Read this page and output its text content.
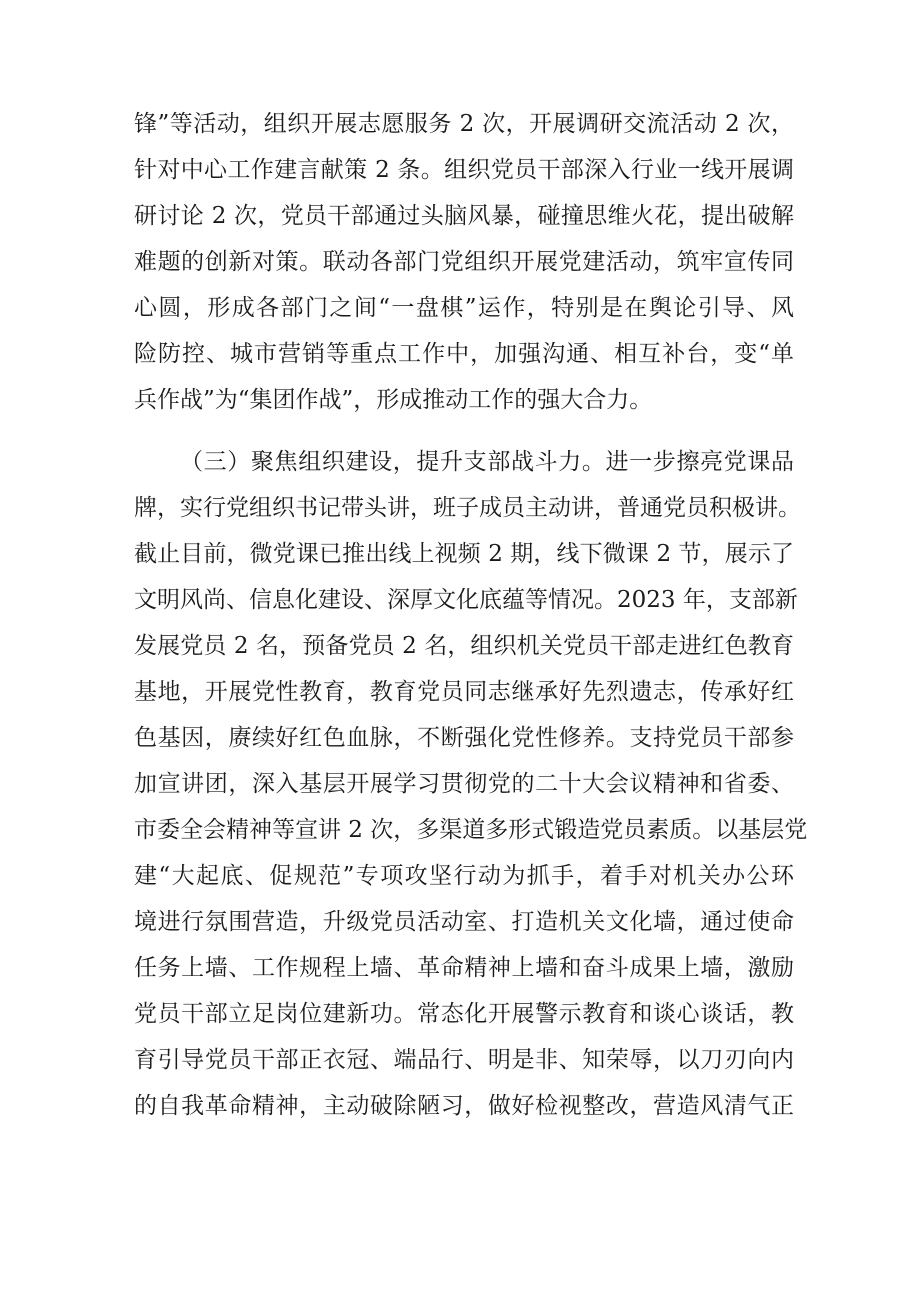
锋”等活动，组织开展志愿服务 2 次，开展调研交流活动 2 次，
针对中心工作建言献策 2 条。组织党员干部深入行业一线开展调
研讨论 2 次，党员干部通过头脑风暴，碰撞思维火花，提出破解
难题的创新对策。联动各部门党组织开展党建活动，筑牢宣传同
心圆，形成各部门之间“一盘棋”运作，特别是在舆论引导、风
险防控、城市营销等重点工作中，加强沟通、相互补台，变“单
兵作战”为“集团作战”，形成推动工作的强大合力。
（三）聚焦组织建设，提升支部战斗力。进一步擦亮党课品
牌，实行党组织书记带头讲，班子成员主动讲，普通党员积极讲。
截止目前，微党课已推出线上视频 2 期，线下微课 2 节，展示了
文明风尚、信息化建设、深厚文化底蕴等情况。2023 年，支部新
发展党员 2 名，预备党员 2 名，组织机关党员干部走进红色教育
基地，开展党性教育，教育党员同志继承好先烈遗志，传承好红
色基因，赓续好红色血脉，不断强化党性修养。支持党员干部参
加宣讲团，深入基层开展学习贯彻党的二十大会议精神和省委、
市委全会精神等宣讲 2 次，多渠道多形式锻造党员素质。以基层党
建“大起底、促规范”专项攻坚行动为抓手，着手对机关办公环
境进行氛围营造，升级党员活动室、打造机关文化墙，通过使命
任务上墙、工作规程上墙、革命精神上墙和奋斗成果上墙，激励
党员干部立足岗位建新功。常态化开展警示教育和谈心谈话，教
育引导党员干部正衣冠、端品行、明是非、知荣辱，以刀刃向内
的自我革命精神，主动破除陋习，做好检视整改，营造风清气正
